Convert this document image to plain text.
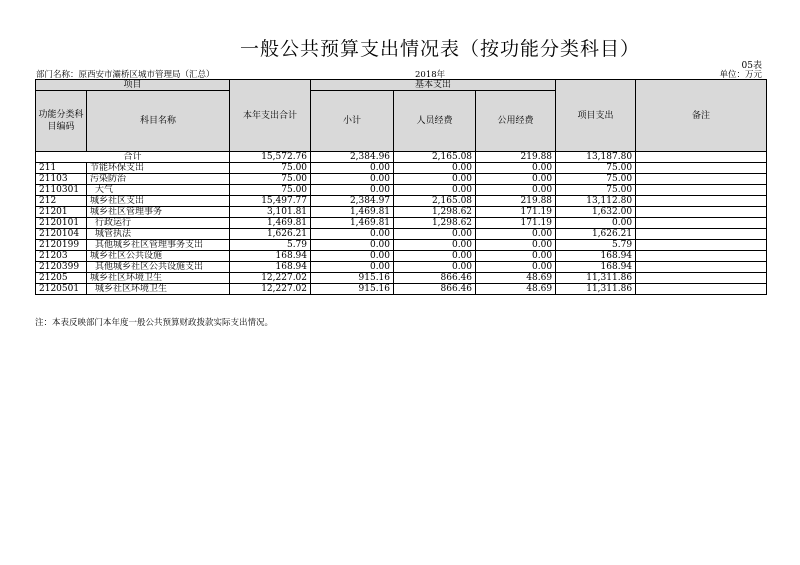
一般公共预算支出情况表（按功能分类科目）
05表
部门名称：原西安市灞桥区城市管理局（汇总）	2018年	单位：万元
项目		本年支出合计	基本支出			项目支出	备注
功能分类科目编码	科目名称		小计	人员经费	公用经费		
合计		15,572.76	2,384.96	2,165.08	219.88	13,187.80	
211	节能环保支出	75.00	0.00	0.00	0.00	75.00	
21103	污染防治	75.00	0.00	0.00	0.00	75.00	
2110301	大气	75.00	0.00	0.00	0.00	75.00	
212	城乡社区支出	15,497.77	2,384.97	2,165.08	219.88	13,112.80	
21201	城乡社区管理事务	3,101.81	1,469.81	1,298.62	171.19	1,632.00	
2120101	行政运行	1,469.81	1,469.81	1,298.62	171.19	0.00	
2120104	城管执法	1,626.21	0.00	0.00	0.00	1,626.21	
2120199	其他城乡社区管理事务支出	5.79	0.00	0.00	0.00	5.79	
21203	城乡社区公共设施	168.94	0.00	0.00	0.00	168.94	
2120399	其他城乡社区公共设施支出	168.94	0.00	0.00	0.00	168.94	
21205	城乡社区环境卫生	12,227.02	915.16	866.46	48.69	11,311.86	
2120501	城乡社区环境卫生	12,227.02	915.16	866.46	48.69	11,311.86	
注：本表反映部门本年度一般公共预算财政拨款实际支出情况。
